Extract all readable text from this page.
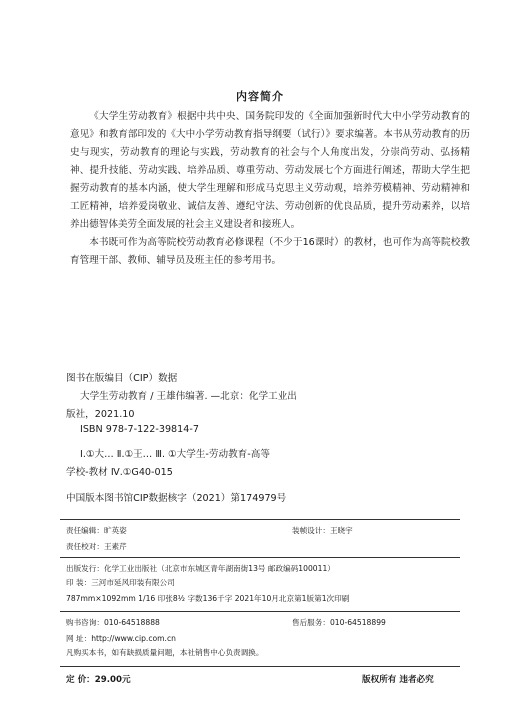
内容简介

《大学生劳动教育》根据中共中央、国务院印发的《全面加强新时代大中小学劳动教育的意见》和教育部印发的《大中小学劳动教育指导纲要（试行）》要求编著。本书从劳动教育的历史与现实，劳动教育的理论与实践，劳动教育的社会与个人角度出发，分崇尚劳动、弘扬精神、提升技能、劳动实践、培养品质、尊重劳动、劳动发展七个方面进行阐述，帮助大学生把握劳动教育的基本内涵，使大学生理解和形成马克思主义劳动观，培养劳模精神、劳动精神和工匠精神，培养爱岗敬业、诚信友善、遵纪守法、劳动创新的优良品质，提升劳动素养，以培养出德智体美劳全面发展的社会主义建设者和接班人。

本书既可作为高等院校劳动教育必修课程（不少于16课时）的教材，也可作为高等院校教育管理干部、教师、辅导员及班主任的参考用书。

图书在版编目（CIP）数据
大学生劳动教育 / 王雄伟编著. —北京：化学工业出
版社，2021.10
ISBN 978-7-122-39814-7
Ⅰ.①大… Ⅱ.①王… Ⅲ. ①大学生-劳动教育-高等
学校-教材 Ⅳ.①G40-015
中国版本图书馆CIP数据核字（2021）第174979号
责任编辑：旷英姿	装帧设计：王晓宇
责任校对：王素芹
出版发行：化学工业出版社（北京市东城区青年湖南街13号 邮政编码100011）
印 装：三河市延风印装有限公司
787mm×1092mm 1/16 印张8½ 字数136千字 2021年10月北京第1版第1次印刷
购书咨询：010-64518888	售后服务：010-64518899
网 址：http://www.cip.com.cn
凡购买本书，如有缺损质量问题，本社销售中心负责调换。
定 价：29.00元	版权所有 违者必究
